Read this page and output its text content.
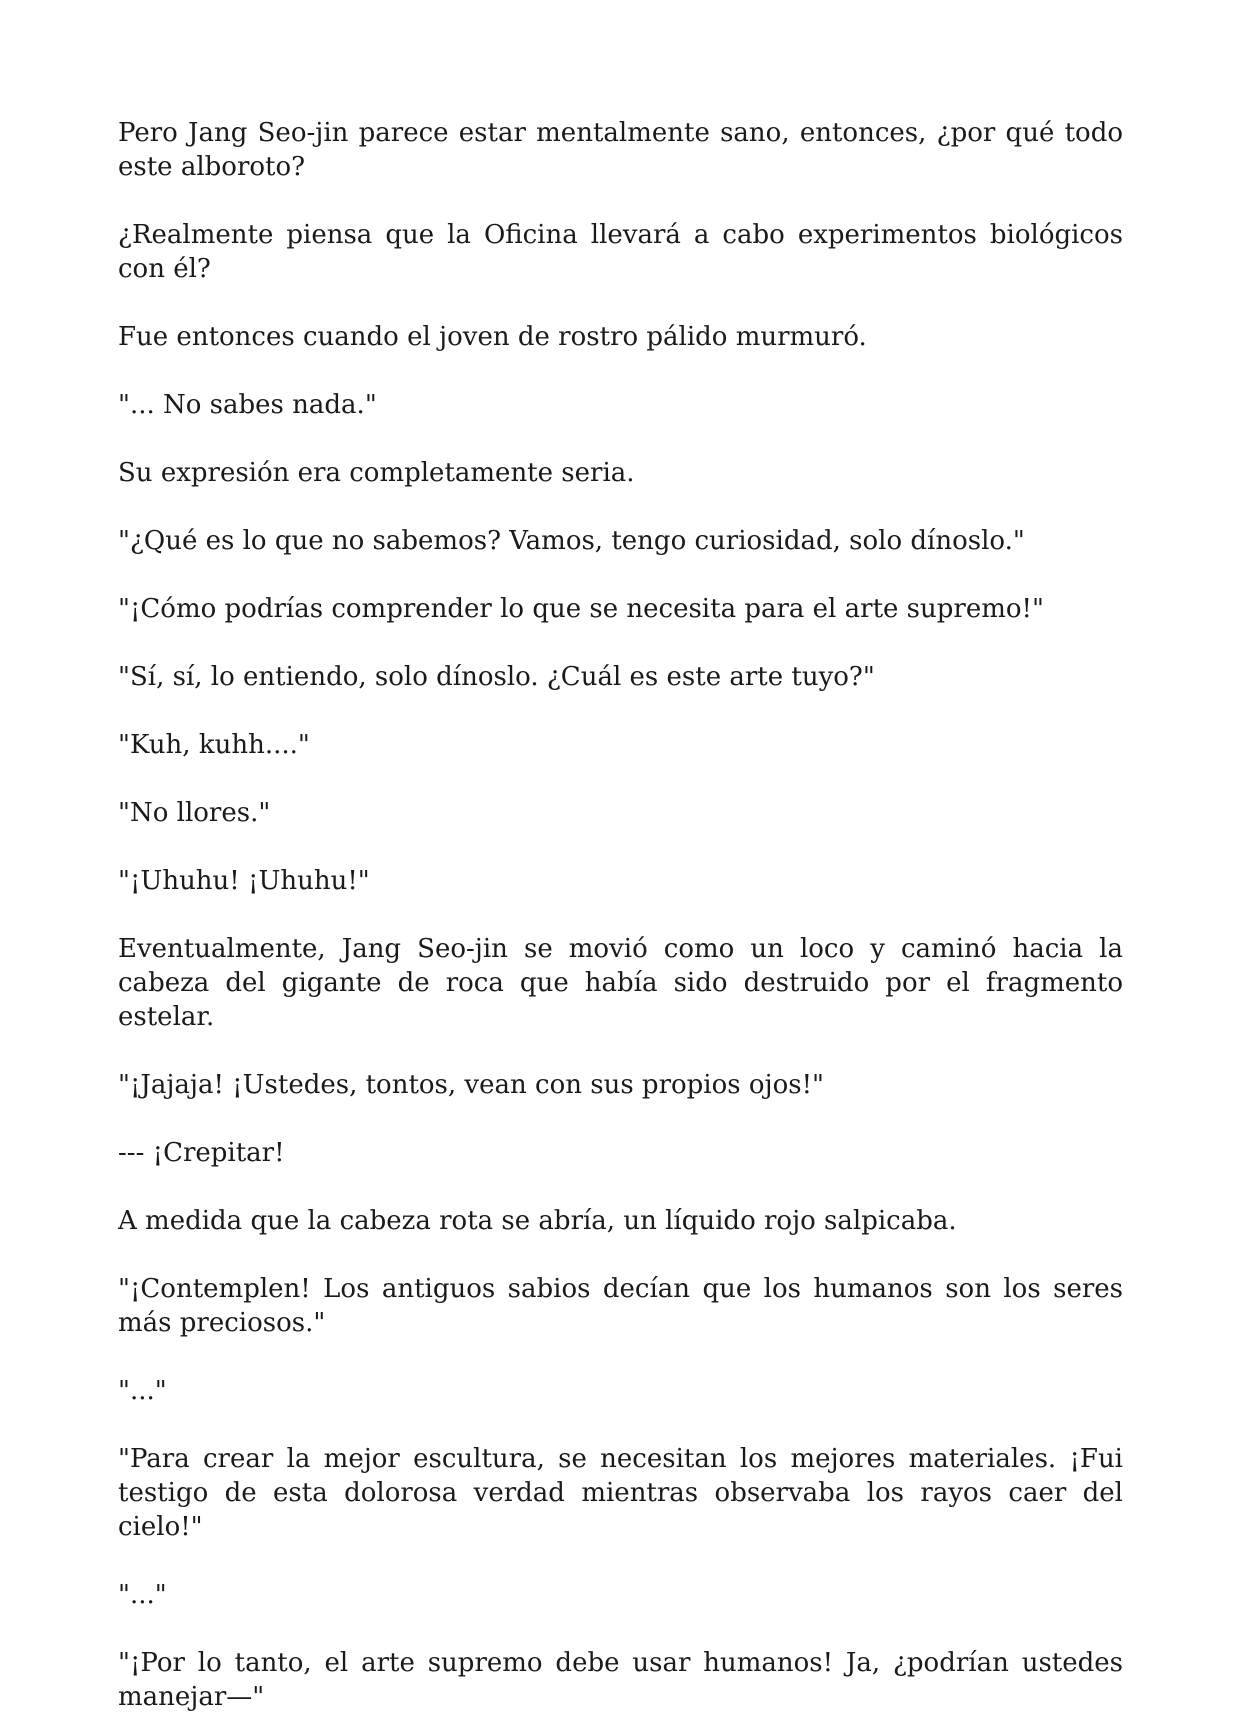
Pero Jang Seo-jin parece estar mentalmente sano, entonces, ¿por qué todo este alboroto?

¿Realmente piensa que la Oficina llevará a cabo experimentos biológicos con él?

Fue entonces cuando el joven de rostro pálido murmuró.

"... No sabes nada."

Su expresión era completamente seria.

"¿Qué es lo que no sabemos? Vamos, tengo curiosidad, solo dínoslo."

"¡Cómo podrías comprender lo que se necesita para el arte supremo!"

"Sí, sí, lo entiendo, solo dínoslo. ¿Cuál es este arte tuyo?"

"Kuh, kuhh...."

"No llores."

"¡Uhuhu! ¡Uhuhu!"

Eventualmente, Jang Seo-jin se movió como un loco y caminó hacia la cabeza del gigante de roca que había sido destruido por el fragmento estelar.

"¡Jajaja! ¡Ustedes, tontos, vean con sus propios ojos!"

--- ¡Crepitar!

A medida que la cabeza rota se abría, un líquido rojo salpicaba.

"¡Contemplen! Los antiguos sabios decían que los humanos son los seres más preciosos."

"..."

"Para crear la mejor escultura, se necesitan los mejores materiales. ¡Fui testigo de esta dolorosa verdad mientras observaba los rayos caer del cielo!"

"..."

"¡Por lo tanto, el arte supremo debe usar humanos! Ja, ¿podrían ustedes manejar—"
